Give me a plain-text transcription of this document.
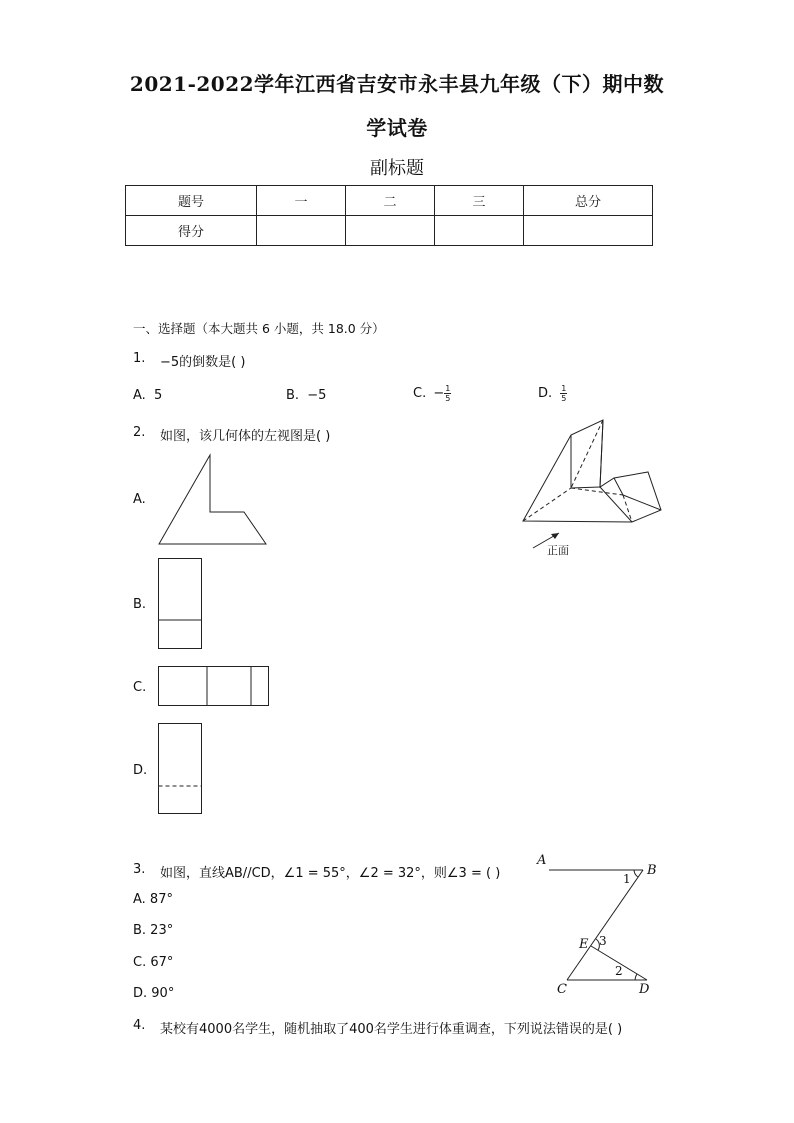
2021-2022学年江西省吉安市永丰县九年级（下）期中数
学试卷
副标题
题号	一	二	三	总分
得分				
一、选择题（本大题共 6 小题，共 18.0 分）
1. −5的倒数是( )
A. 5	B. −5	C. − $\frac{1}{5}$	D. $\frac{1}{5}$
2. 如图，该几何体的左视图是( )
正面
A.
B.
C.
D.
3. 如图，直线AB//CD，∠1 = 55°，∠2 = 32°，则∠3 = ( )
A. 87°
B. 23°
C. 67°
D. 90°
A
B
C	D
E
1
2
3
4. 某校有4000名学生，随机抽取了400名学生进行体重调查，下列说法错误的是( )
